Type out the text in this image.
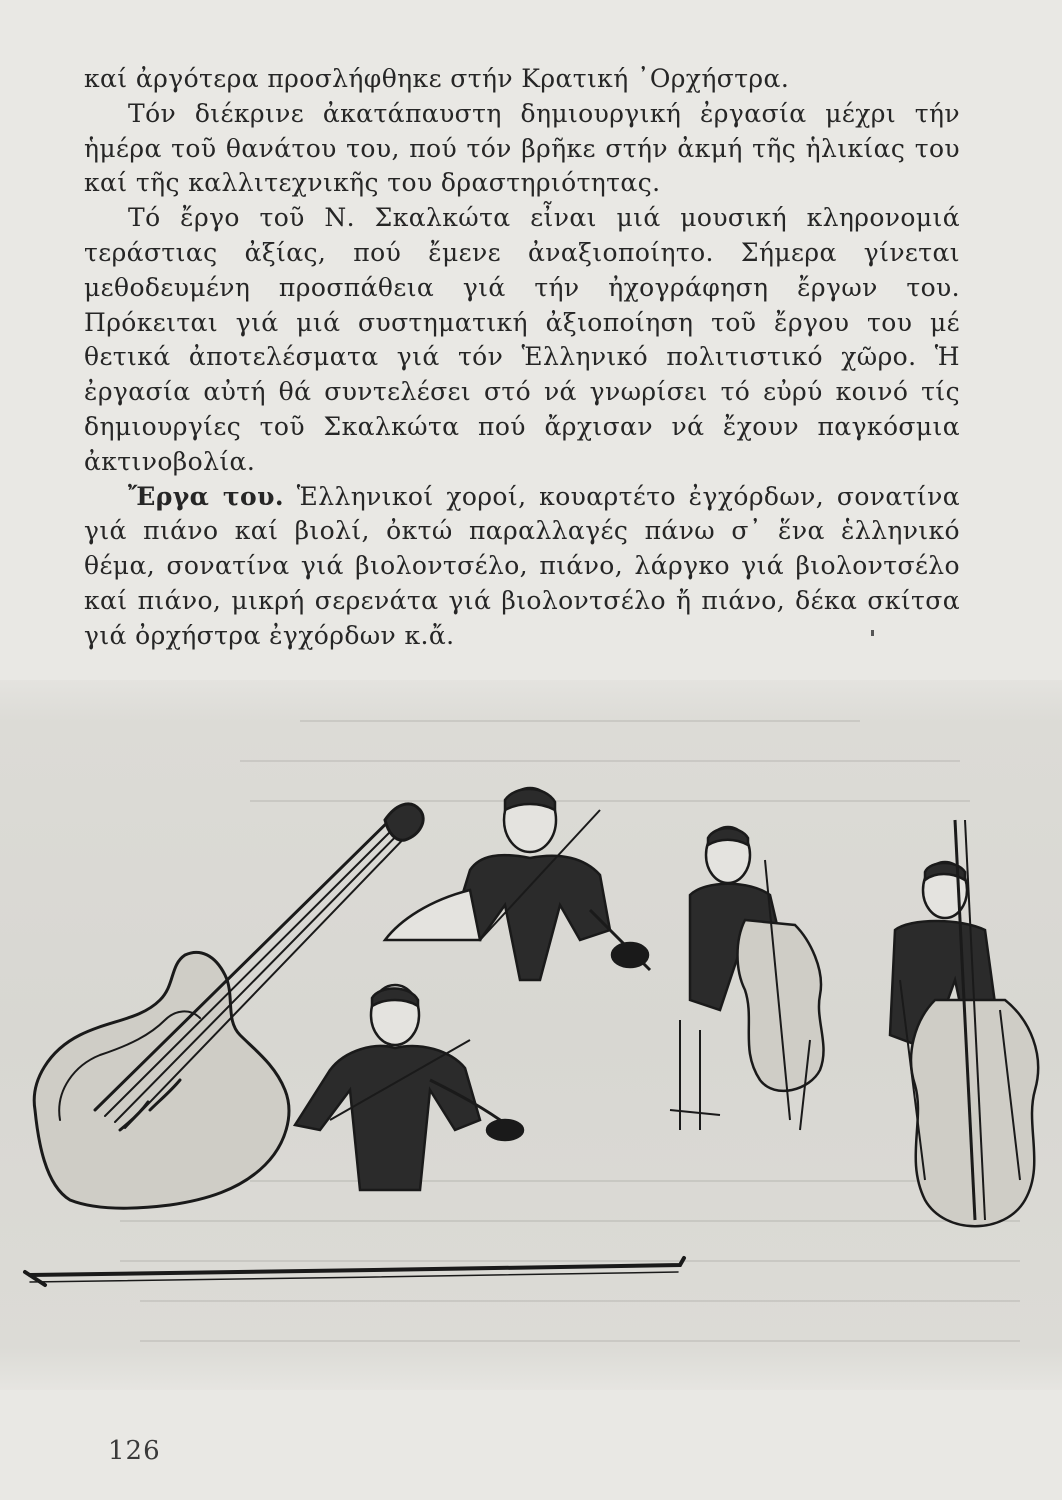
καί ἀργότερα προσλήφθηκε στήν Κρατική ᾿Ορχήστρα.

Τόν διέκρινε ἀκατάπαυστη δημιουργική ἐργασία μέχρι τήν ἡμέρα τοῦ θανάτου του, πού τόν βρῆκε στήν ἀκμή τῆς ἡλικίας του καί τῆς καλλιτεχνικῆς του δραστηριότητας.

Τό ἔργο τοῦ Ν. Σκαλκώτα εἶναι μιά μουσική κληρονομιά τεράστιας ἀξίας, πού ἔμενε ἀναξιοποίητο. Σήμερα γίνεται μεθοδευμένη προσπάθεια γιά τήν ἠχογράφηση ἔργων του. Πρόκειται γιά μιά συστηματική ἀξιοποίηση τοῦ ἔργου του μέ θετικά ἀποτελέσματα γιά τόν Ἑλληνικό πολιτιστικό χῶρο. Ἡ ἐργασία αὐτή θά συντελέσει στό νά γνωρίσει τό εὐρύ κοινό τίς δημιουργίες τοῦ Σκαλκώτα πού ἄρχισαν νά ἔχουν παγκόσμια ἀκτινοβολία.

Ἔργα του. Ἑλληνικοί χοροί, κουαρτέτο ἐγχόρδων, σονατίνα γιά πιάνο καί βιολί, ὀκτώ παραλλαγές πάνω σ᾿ ἕνα ἑλληνικό θέμα, σονατίνα γιά βιολοντσέλο, πιάνο, λάργκο γιά βιολοντσέλο καί πιάνο, μικρή σερενάτα γιά βιολοντσέλο ἤ πιάνο, δέκα σκίτσα γιά ὀρχήστρα ἐγχόρδων κ.ἄ.

126
